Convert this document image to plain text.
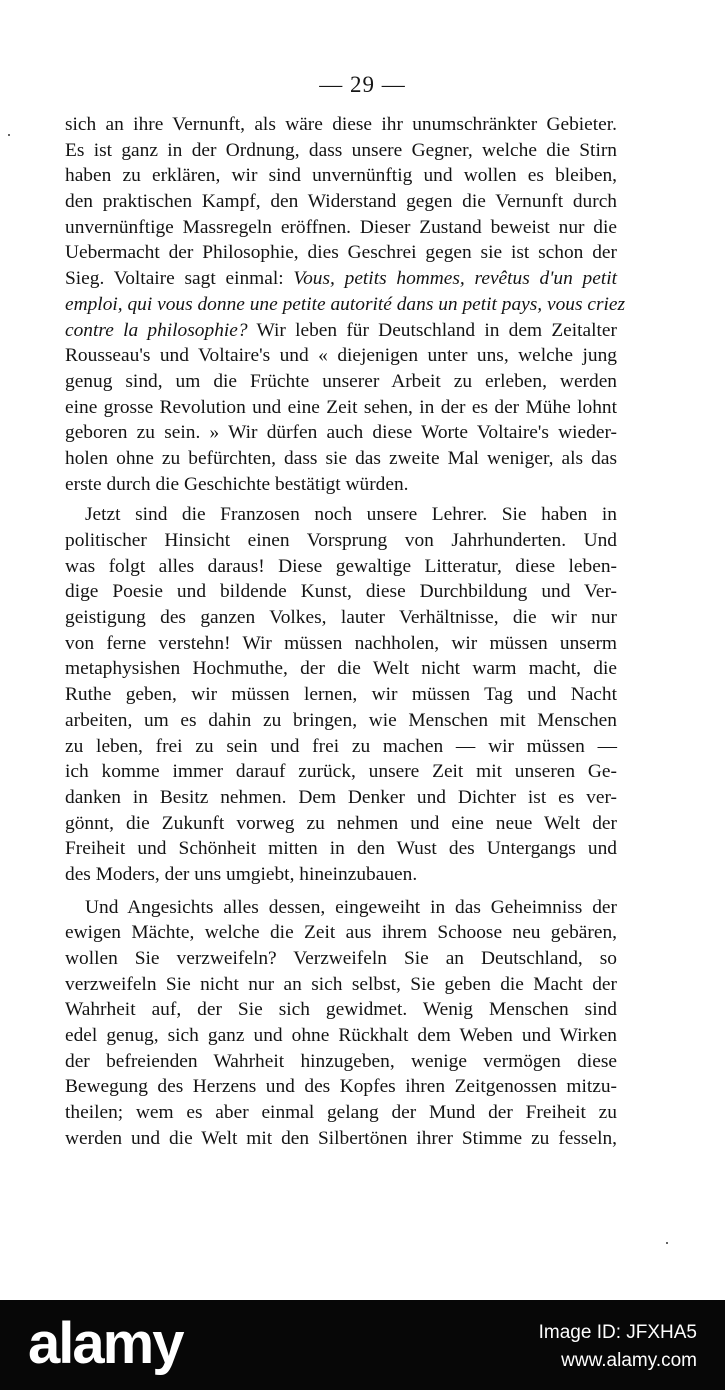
— 29 —
sich an ihre Vernunft, als wäre diese ihr unumschränkter Gebieter.
Es ist ganz in der Ordnung, dass unsere Gegner, welche die Stirn
haben zu erklären, wir sind unvernünftig und wollen es bleiben,
den praktischen Kampf, den Widerstand gegen die Vernunft durch
unvernünftige Massregeln eröffnen. Dieser Zustand beweist nur die
Uebermacht der Philosophie, dies Geschrei gegen sie ist schon der
Sieg. Voltaire sagt einmal: Vous, petits hommes, revêtus d'un petit
emploi, qui vous donne une petite autorité dans un petit pays, vous criez
contre la philosophie? Wir leben für Deutschland in dem Zeitalter
Rousseau's und Voltaire's und « diejenigen unter uns, welche jung
genug sind, um die Früchte unserer Arbeit zu erleben, werden
eine grosse Revolution und eine Zeit sehen, in der es der Mühe lohnt
geboren zu sein. » Wir dürfen auch diese Worte Voltaire's wieder-
holen ohne zu befürchten, dass sie das zweite Mal weniger, als das
erste durch die Geschichte bestätigt würden.
Jetzt sind die Franzosen noch unsere Lehrer. Sie haben in
politischer Hinsicht einen Vorsprung von Jahrhunderten. Und
was folgt alles daraus! Diese gewaltige Litteratur, diese leben-
dige Poesie und bildende Kunst, diese Durchbildung und Ver-
geistigung des ganzen Volkes, lauter Verhältnisse, die wir nur
von ferne verstehn! Wir müssen nachholen, wir müssen unserm
metaphysishen Hochmuthe, der die Welt nicht warm macht, die
Ruthe geben, wir müssen lernen, wir müssen Tag und Nacht
arbeiten, um es dahin zu bringen, wie Menschen mit Menschen
zu leben, frei zu sein und frei zu machen — wir müssen —
ich komme immer darauf zurück, unsere Zeit mit unseren Ge-
danken in Besitz nehmen. Dem Denker und Dichter ist es ver-
gönnt, die Zukunft vorweg zu nehmen und eine neue Welt der
Freiheit und Schönheit mitten in den Wust des Untergangs und
des Moders, der uns umgiebt, hineinzubauen.
Und Angesichts alles dessen, eingeweiht in das Geheimniss der
ewigen Mächte, welche die Zeit aus ihrem Schoose neu gebären,
wollen Sie verzweifeln? Verzweifeln Sie an Deutschland, so
verzweifeln Sie nicht nur an sich selbst, Sie geben die Macht der
Wahrheit auf, der Sie sich gewidmet. Wenig Menschen sind
edel genug, sich ganz und ohne Rückhalt dem Weben und Wirken
der befreienden Wahrheit hinzugeben, wenige vermögen diese
Bewegung des Herzens und des Kopfes ihren Zeitgenossen mitzu-
theilen; wem es aber einmal gelang der Mund der Freiheit zu
werden und die Welt mit den Silbertönen ihrer Stimme zu fesseln,
alamy	Image ID: JFXHA5
www.alamy.com
